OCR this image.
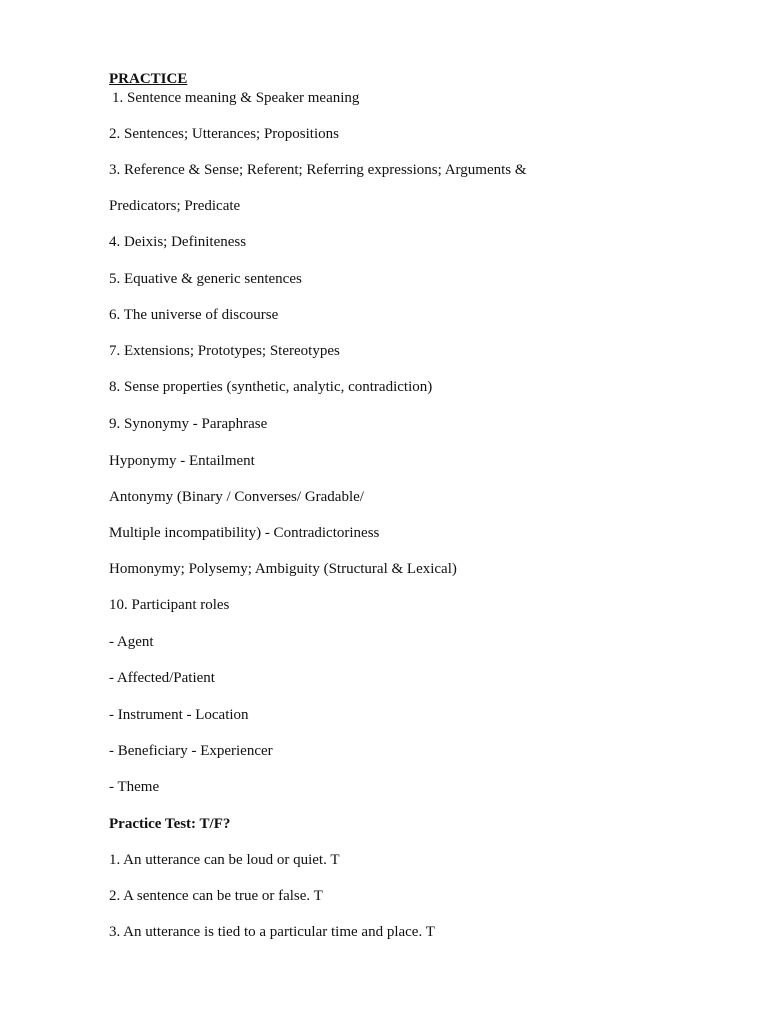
PRACTICE
1. Sentence meaning & Speaker meaning
2. Sentences; Utterances; Propositions
3. Reference & Sense; Referent; Referring expressions; Arguments &
Predicators; Predicate
4. Deixis; Definiteness
5. Equative & generic sentences
6. The universe of discourse
7. Extensions; Prototypes; Stereotypes
8. Sense properties (synthetic, analytic, contradiction)
9. Synonymy - Paraphrase
Hyponymy - Entailment
Antonymy (Binary / Converses/ Gradable/
Multiple incompatibility) - Contradictoriness
Homonymy; Polysemy; Ambiguity (Structural & Lexical)
10. Participant roles
- Agent
- Affected/Patient
- Instrument - Location
- Beneficiary - Experiencer
- Theme
Practice Test: T/F?
1. An utterance can be loud or quiet. T
2. A sentence can be true or false. T
3. An utterance is tied to a particular time and place. T
